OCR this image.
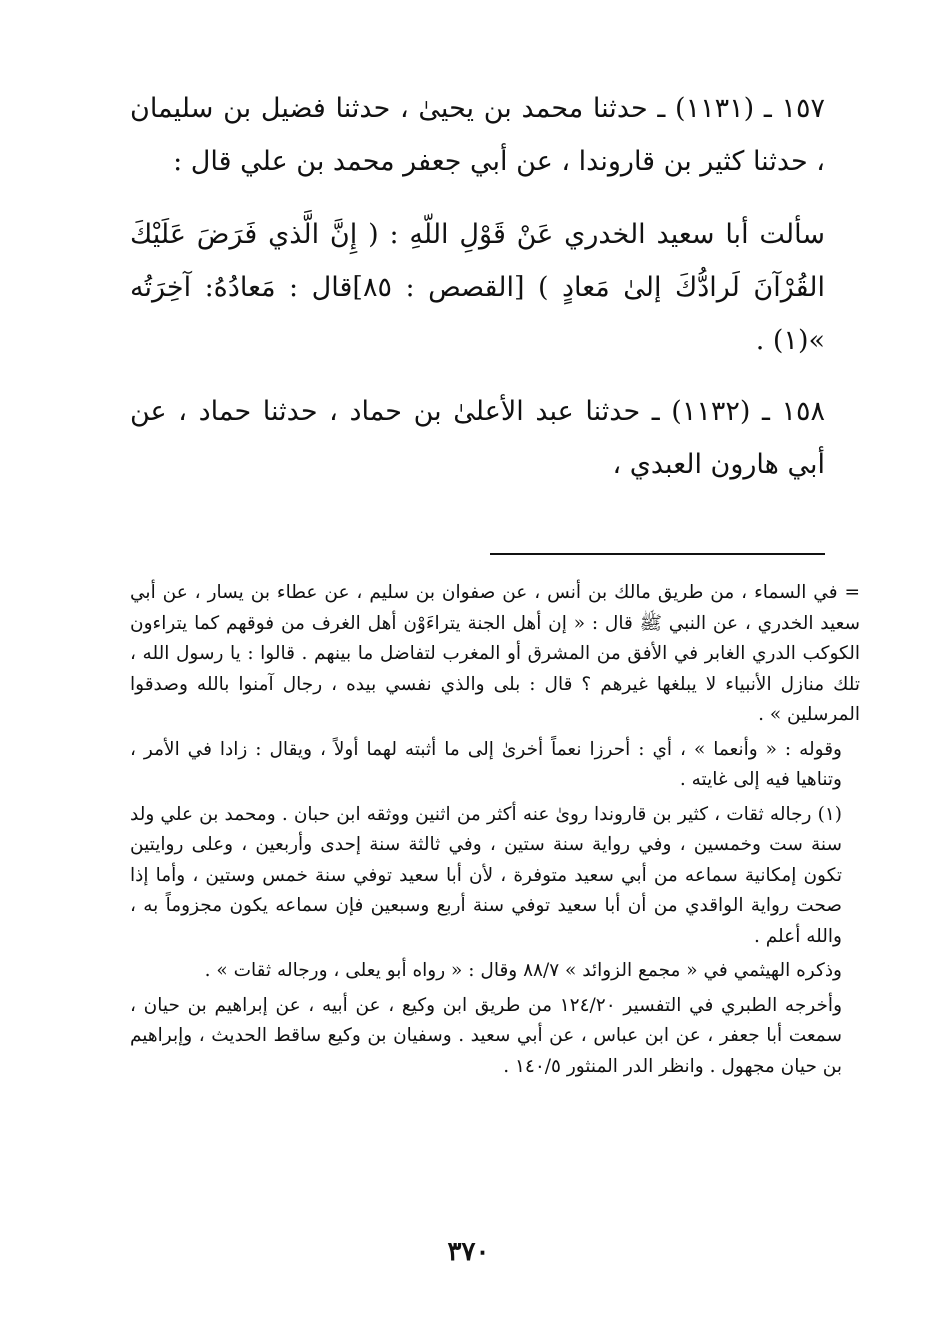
١٥٧ ـ (١١٣١) ـ حدثنا محمد بن يحيىٰ ، حدثنا فضيل بن سليمان ، حدثنا كثير بن قاروندا ، عن أبي جعفر محمد بن علي قال :

سألت أبا سعيد الخدري عَنْ قَوْلِ اللّهِ : ( إِنَّ الَّذي فَرَضَ عَلَيْكَ القُرْآنَ لَرادُّكَ إلىٰ مَعادٍ ) [القصص : ٨٥]قال : مَعادُهُ: آخِرَتُه »(١) .

١٥٨ ـ (١١٣٢) ـ حدثنا عبد الأعلىٰ بن حماد ، حدثنا حماد ، عن أبي هارون العبدي ،

= في السماء ، من طريق مالك بن أنس ، عن صفوان بن سليم ، عن عطاء بن يسار ، عن أبي سعيد الخدري ، عن النبي ﷺ قال : « إن أهل الجنة يتراءَوْن أهل الغرف من فوقهم كما يتراءون الكوكب الدري الغابر في الأفق من المشرق أو المغرب لتفاضل ما بينهم . قالوا : يا رسول الله ، تلك منازل الأنبياء لا يبلغها غيرهم ؟ قال : بلى والذي نفسي بيده ، رجال آمنوا بالله وصدقوا المرسلين » .

وقوله : « وأنعما » ، أي : أحرزا نعماً أخرىٰ إلى ما أثبته لهما أولاً ، ويقال : زادا في الأمر ، وتناهيا فيه إلى غايته .

(١) رجاله ثقات ، كثير بن قاروندا روىٰ عنه أكثر من اثنين ووثقه ابن حبان . ومحمد بن علي ولد سنة ست وخمسين ، وفي رواية سنة ستين ، وفي ثالثة سنة إحدى وأربعين ، وعلى روايتين تكون إمكانية سماعه من أبي سعيد متوفرة ، لأن أبا سعيد توفي سنة خمس وستين ، وأما إذا صحت رواية الواقدي من أن أبا سعيد توفي سنة أربع وسبعين فإن سماعه يكون مجزوماً به ، والله أعلم .

وذكره الهيثمي في « مجمع الزوائد » ٨٨/٧ وقال : « رواه أبو يعلى ، ورجاله ثقات » .

وأخرجه الطبري في التفسير ١٢٤/٢٠ من طريق ابن وكيع ، عن أبيه ، عن إبراهيم بن حيان ، سمعت أبا جعفر ، عن ابن عباس ، عن أبي سعيد . وسفيان بن وكيع ساقط الحديث ، وإبراهيم بن حيان مجهول . وانظر الدر المنثور ١٤٠/٥ .

٣٧٠
